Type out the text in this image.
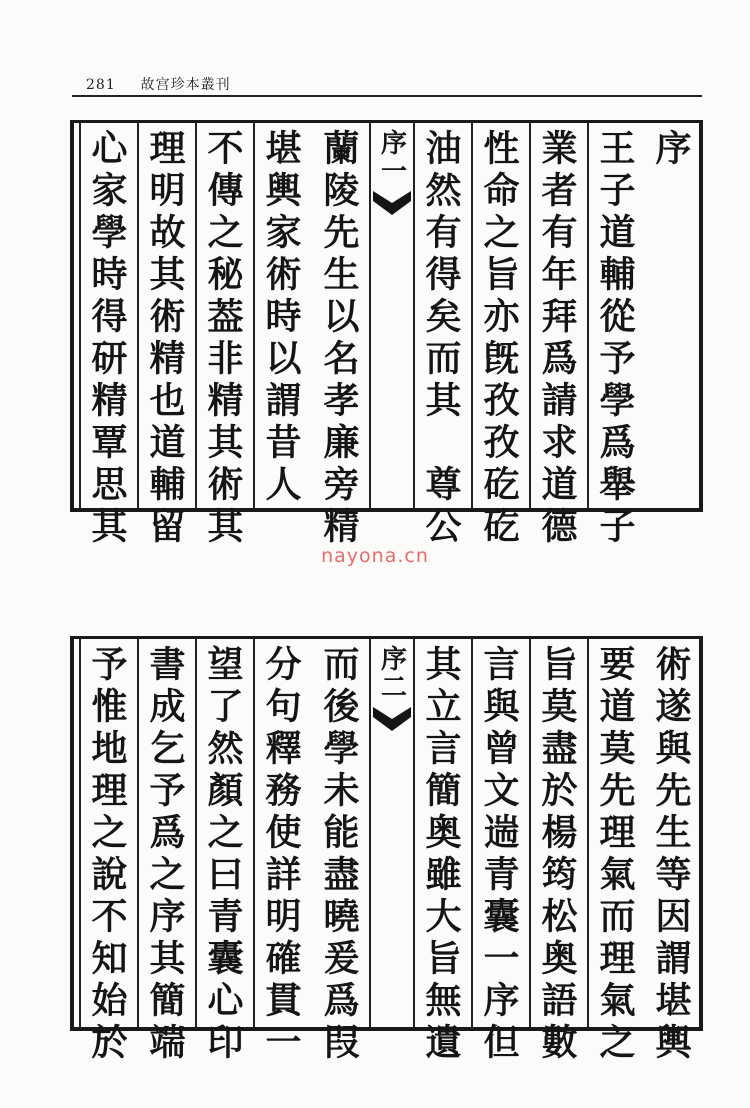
281 故宫珍本叢刊
序
王子道輔從予學爲舉子
業者有年拜爲請求道德
性命之旨亦旣孜孜矻矻
油然有得矣而其　尊公
序一
蘭陵先生以名孝廉旁精
堪輿家術時以謂昔人
不傳之秘葢非精其術其
理明故其術精也道輔留
心家學時得研精覃思其
nayona.cn
術遂與先生等因謂堪輿
要道莫先理氣而理氣之
旨莫盡於楊筠松奥語數
言與曾文遄青囊一序但
其立言簡奥雖大旨無遺
序二
而後學未能盡曉爰爲叚
分句釋務使詳明確貫一
望了然顏之曰青囊心印
書成乞予爲之序其簡端
予惟地理之說不知始於
